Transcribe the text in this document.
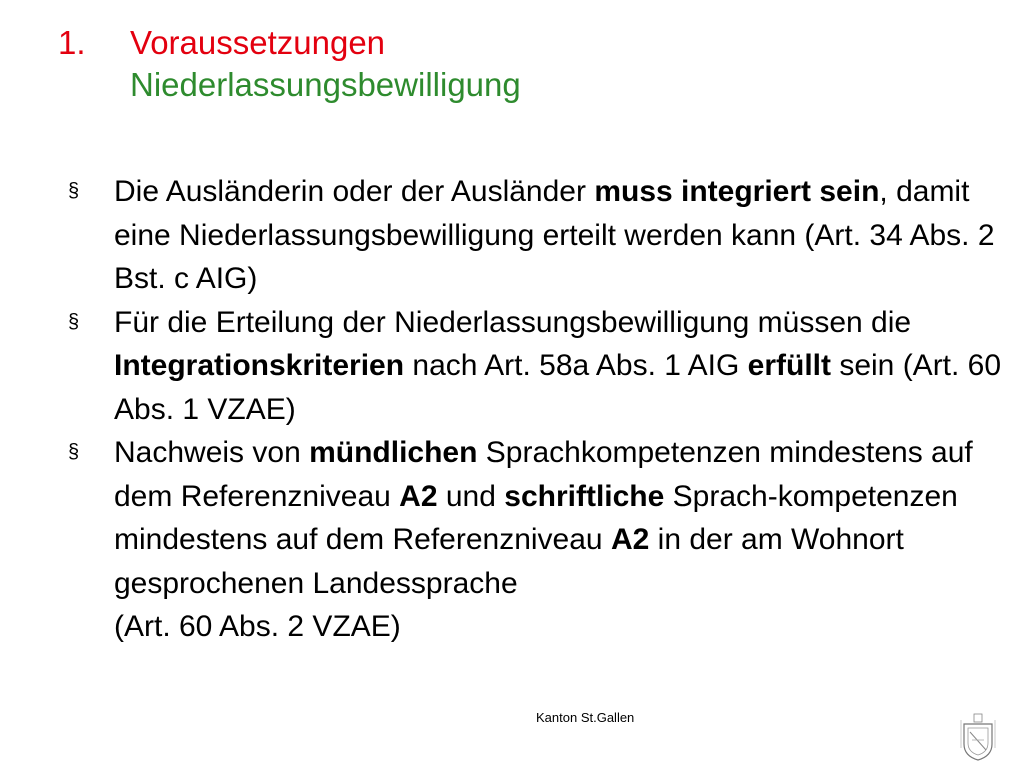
1.	Voraussetzungen
Niederlassungsbewilligung
§	Die Ausländerin oder der Ausländer muss integriert sein, damit eine Niederlassungsbewilligung erteilt werden kann (Art. 34 Abs. 2 Bst. c AIG)
§	Für die Erteilung der Niederlassungsbewilligung müssen die Integrationskriterien nach Art. 58a Abs. 1 AIG erfüllt sein (Art. 60 Abs. 1 VZAE)
§	Nachweis von mündlichen Sprachkompetenzen mindestens auf dem Referenzniveau A2 und schriftliche Sprach-kompetenzen mindestens auf dem Referenzniveau A2 in der am Wohnort gesprochenen Landessprache
(Art. 60 Abs. 2 VZAE)
Kanton St.Gallen
